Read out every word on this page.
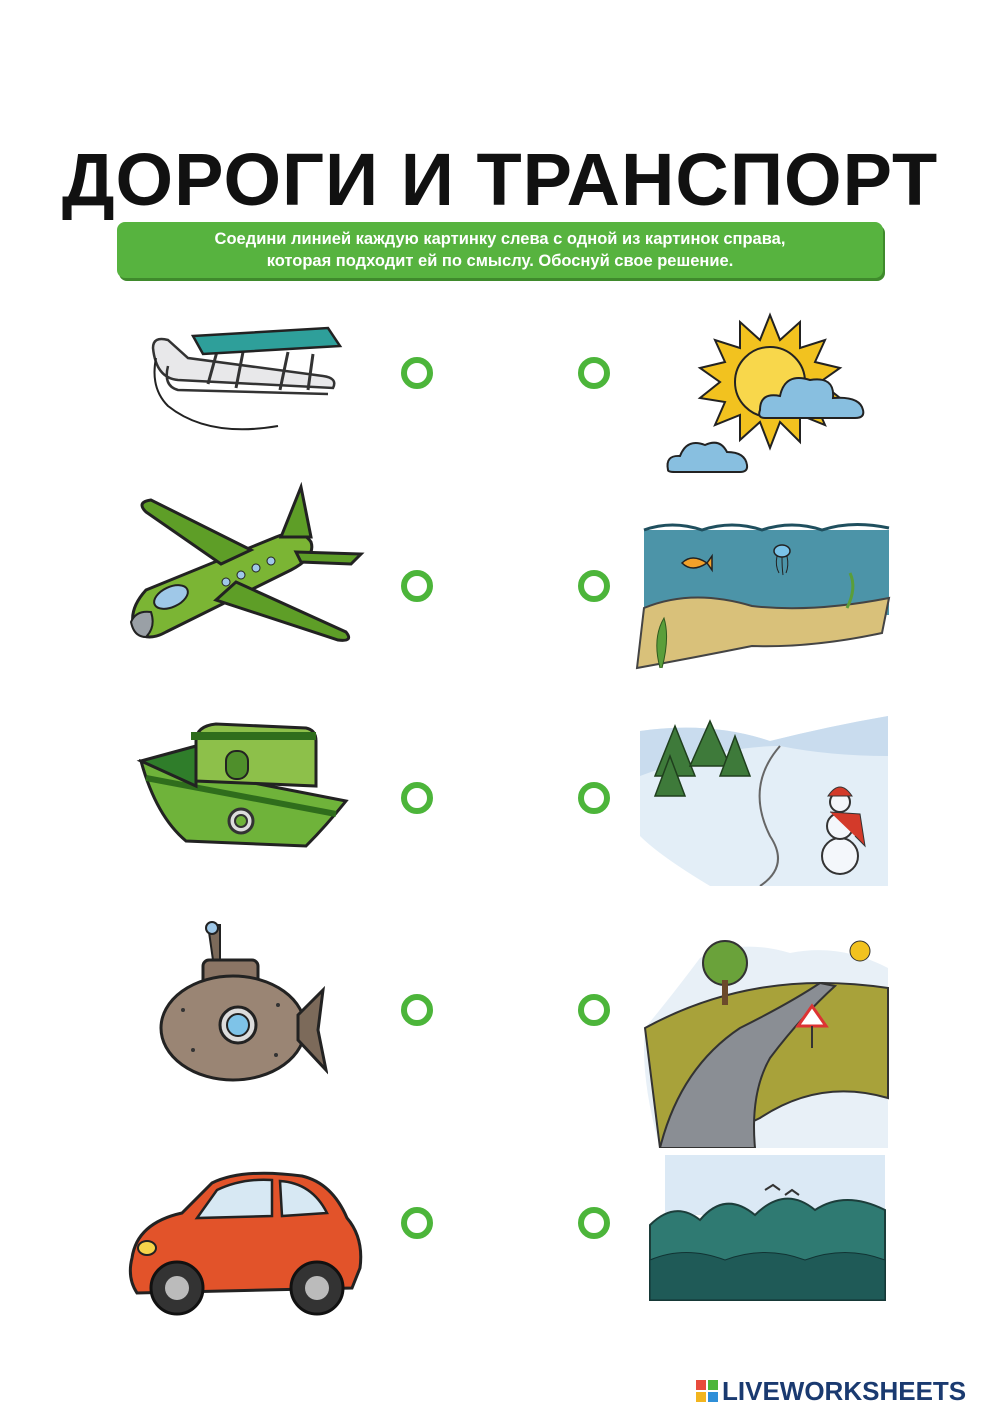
ДОРОГИ И ТРАНСПОРТ
Соедини линией каждую картинку слева с одной из картинок справа,
которая подходит ей по смыслу. Обоснуй свое решение.
LIVEWORKSHEETS
